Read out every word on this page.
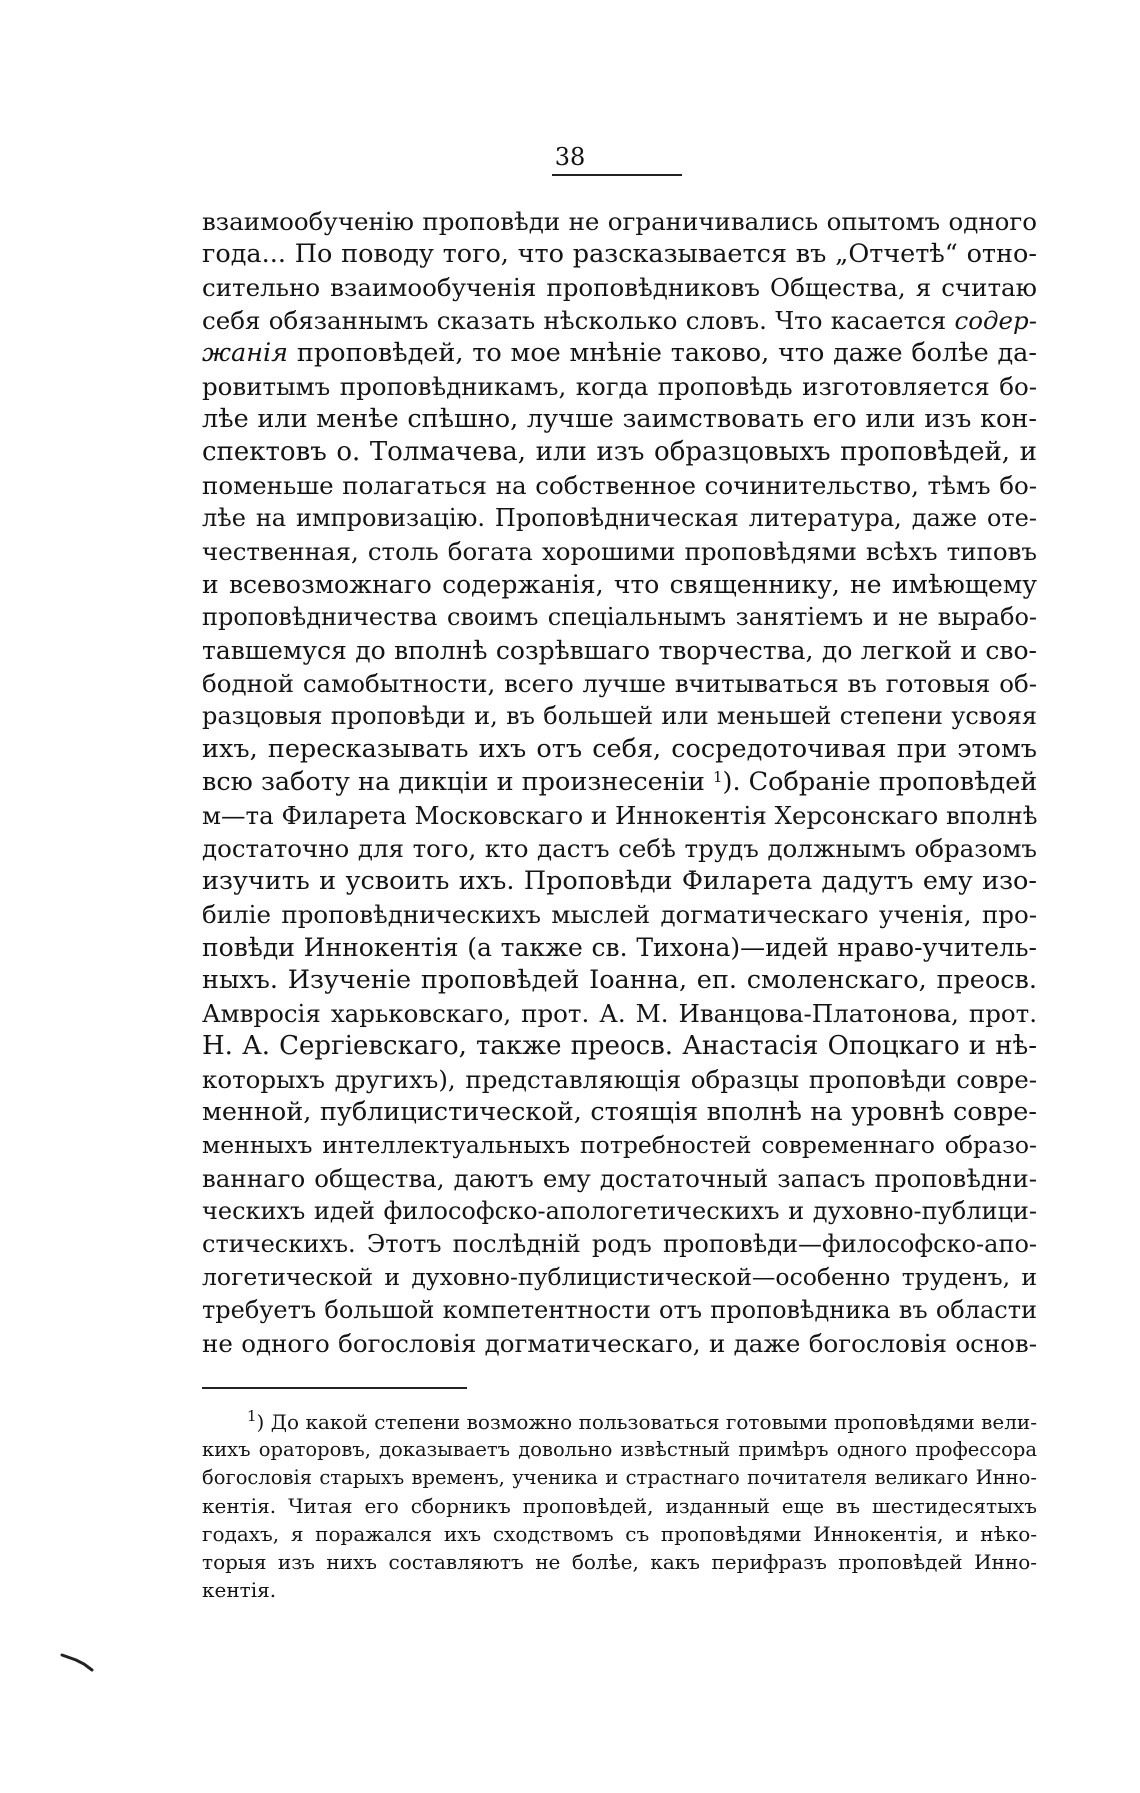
38
взаимообученію проповѣди не ограничивались опытомъ одного
года... По поводу того, что разсказывается въ „Отчетѣ“ отно-
сительно взаимообученія проповѣдниковъ Общества, я считаю
себя обязаннымъ сказать нѣсколько словъ. Что касается содер-
жанія проповѣдей, то мое мнѣніе таково, что даже болѣе да-
ровитымъ проповѣдникамъ, когда проповѣдь изготовляется бо-
лѣе или менѣе спѣшно, лучше заимствовать его или изъ кон-
спектовъ о. Толмачева, или изъ образцовыхъ проповѣдей, и
поменьше полагаться на собственное сочинительство, тѣмъ бо-
лѣе на импровизацію. Проповѣдническая литература, даже оте-
чественная, столь богата хорошими проповѣдями всѣхъ типовъ
и всевозможнаго содержанія, что священнику, не имѣющему
проповѣдничества своимъ спеціальнымъ занятіемъ и не вырабо-
тавшемуся до вполнѣ созрѣвшаго творчества, до легкой и сво-
бодной самобытности, всего лучше вчитываться въ готовыя об-
разцовыя проповѣди и, въ большей или меньшей степени усвояя
ихъ, пересказывать ихъ отъ себя, сосредоточивая при этомъ
всю заботу на дикціи и произнесеніи $^1$). Собраніе проповѣдей
м—та Филарета Московскаго и Иннокентія Херсонскаго вполнѣ
достаточно для того, кто дастъ себѣ трудъ должнымъ образомъ
изучить и усвоить ихъ. Проповѣди Филарета дадутъ ему изо-
биліе проповѣдническихъ мыслей догматическаго ученія, про-
повѣди Иннокентія (а также св. Тихона)—идей нраво-учитель-
ныхъ. Изученіе проповѣдей Іоанна, еп. смоленскаго, преосв.
Амвросія харьковскаго, прот. А. М. Иванцова-Платонова, прот.
Н. А. Сергіевскаго, также преосв. Анастасія Опоцкаго и нѣ-
которыхъ другихъ), представляющія образцы проповѣди совре-
менной, публицистической, стоящія вполнѣ на уровнѣ совре-
менныхъ интеллектуальныхъ потребностей современнаго образо-
ваннаго общества, даютъ ему достаточный запасъ проповѣдни-
ческихъ идей философско-апологетическихъ и духовно-публици-
стическихъ. Этотъ послѣдній родъ проповѣди—философско-апо-
логетической и духовно-публицистической—особенно труденъ, и
требуетъ большой компетентности отъ проповѣдника въ области
не одного богословія догматическаго, и даже богословія основ-
$^1$) До какой степени возможно пользоваться готовыми проповѣдями вели-
кихъ ораторовъ, доказываетъ довольно извѣстный примѣръ одного профессора
богословія старыхъ временъ, ученика и страстнаго почитателя великаго Инно-
кентія. Читая его сборникъ проповѣдей, изданный еще въ шестидесятыхъ
годахъ, я поражался ихъ сходствомъ съ проповѣдями Иннокентія, и нѣко-
торыя изъ нихъ составляютъ не болѣе, какъ перифразъ проповѣдей Инно-
кентія.
